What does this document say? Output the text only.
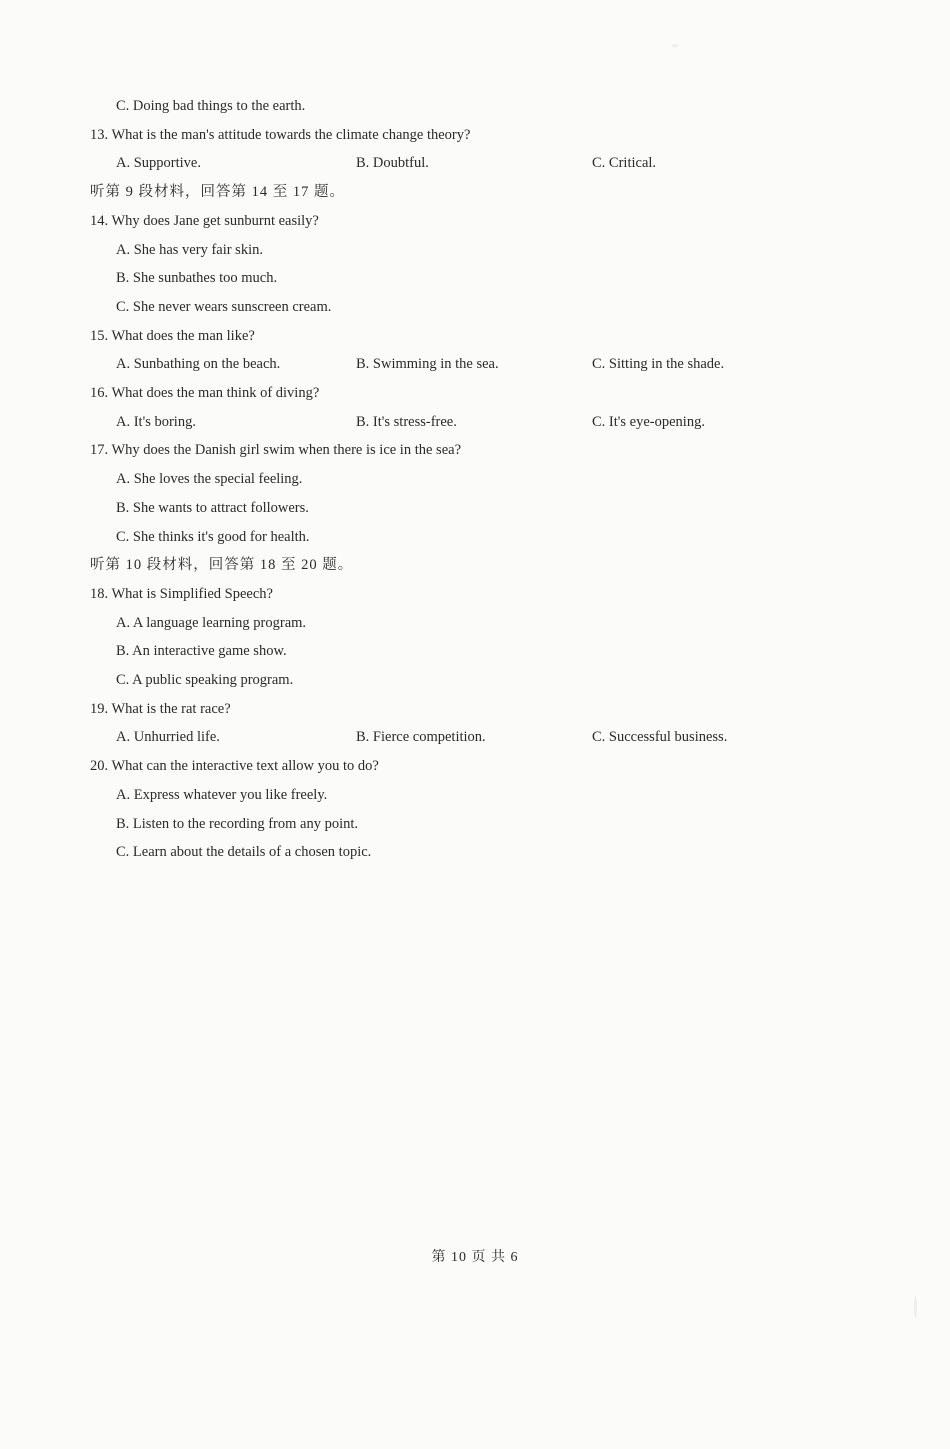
C. Doing bad things to the earth.
13. What is the man's attitude towards the climate change theory?
A. Supportive.	B. Doubtful.	C. Critical.
听第 9 段材料，回答第 14 至 17 题。
14. Why does Jane get sunburnt easily?
A. She has very fair skin.
B. She sunbathes too much.
C. She never wears sunscreen cream.
15. What does the man like?
A. Sunbathing on the beach.	B. Swimming in the sea.	C. Sitting in the shade.
16. What does the man think of diving?
A. It's boring.	B. It's stress-free.	C. It's eye-opening.
17. Why does the Danish girl swim when there is ice in the sea?
A. She loves the special feeling.
B. She wants to attract followers.
C. She thinks it's good for health.
听第 10 段材料，回答第 18 至 20 题。
18. What is Simplified Speech?
A. A language learning program.
B. An interactive game show.
C. A public speaking program.
19. What is the rat race?
A. Unhurried life.	B. Fierce competition.	C. Successful business.
20. What can the interactive text allow you to do?
A. Express whatever you like freely.
B. Listen to the recording from any point.
C. Learn about the details of a chosen topic.
第 10 页 共 6
